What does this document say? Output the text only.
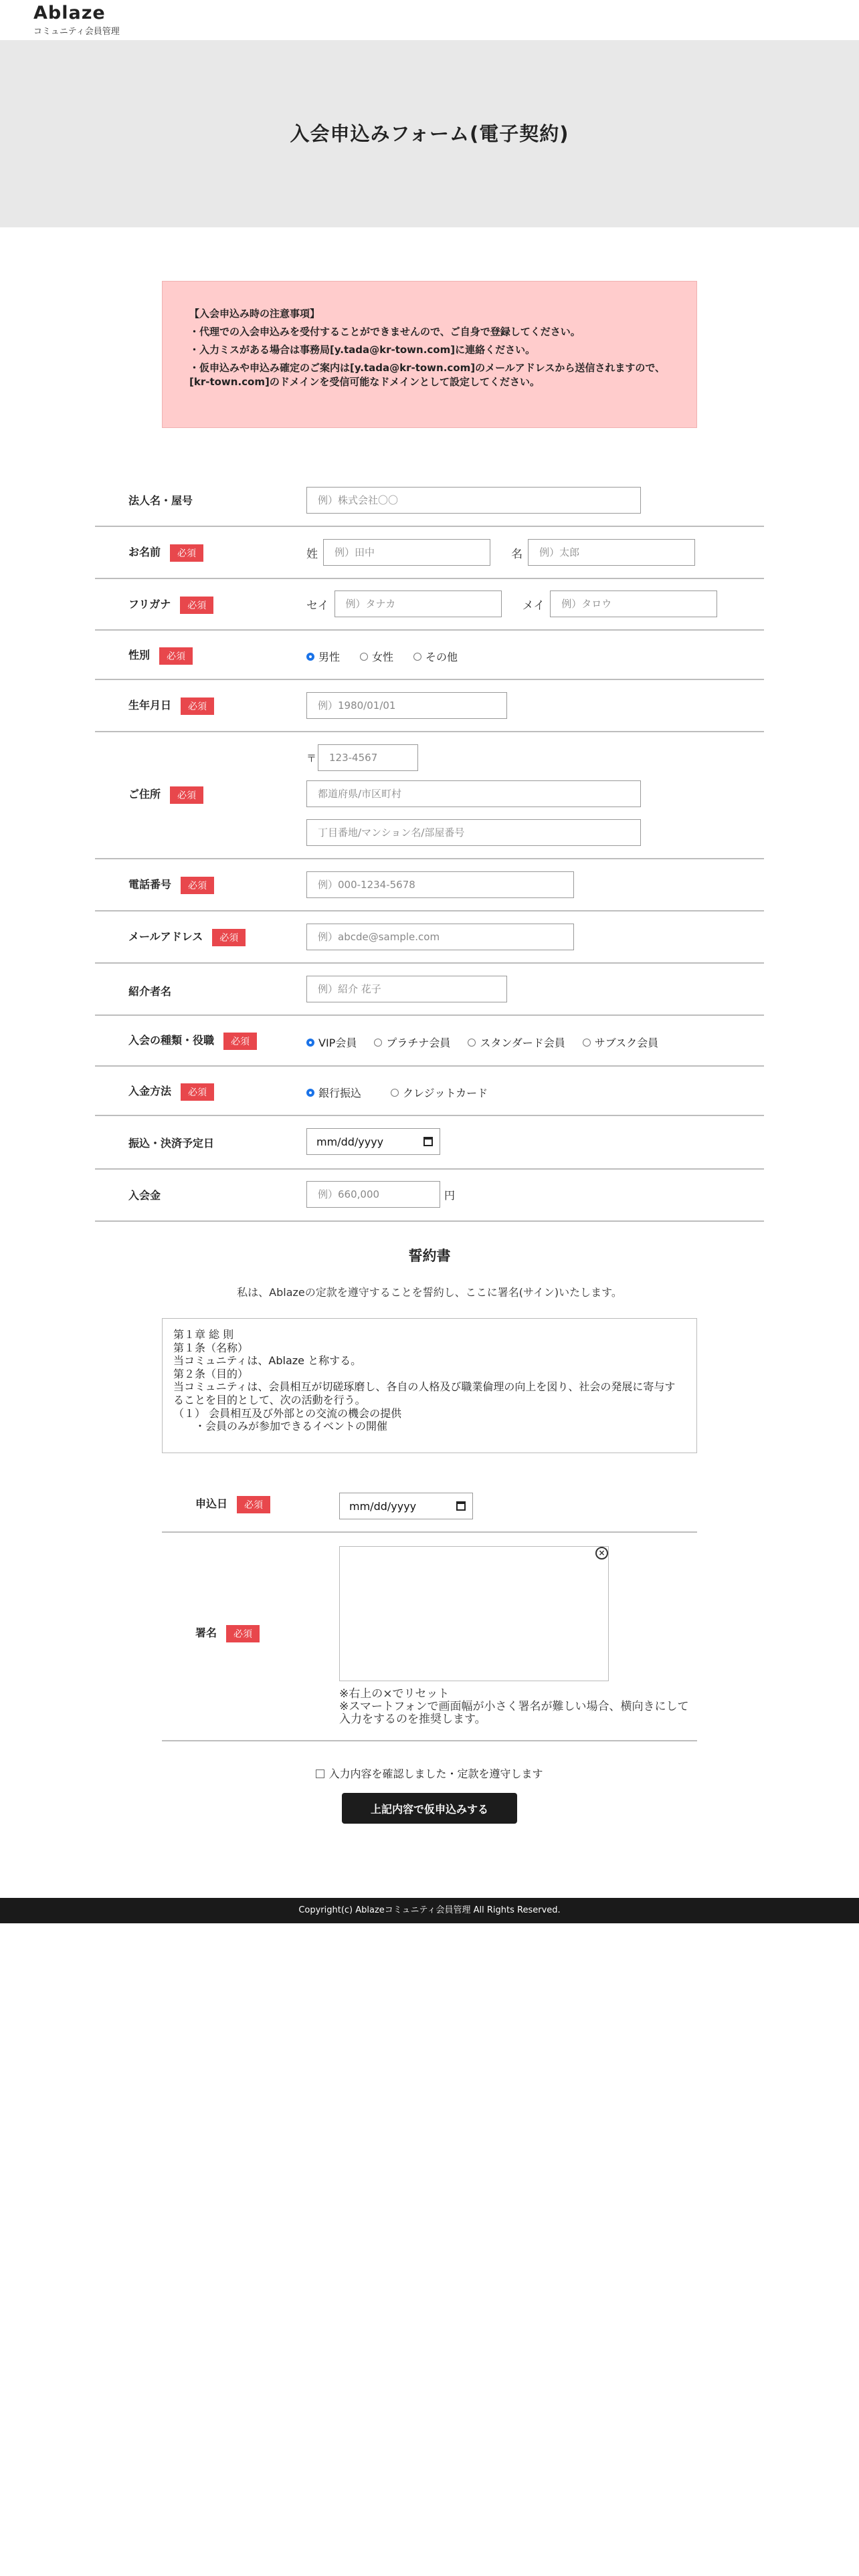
Ablaze
コミュニティ会員管理
入会申込みフォーム(電子契約)

【入会申込み時の注意事項】

・代理での入会申込みを受付することができませんので、ご自身で登録してください。

・入力ミスがある場合は事務局[y.tada@kr-town.com]に連絡ください。

・仮申込みや申込み確定のご案内は[y.tada@kr-town.com]のメールアドレスから送信されますので、[kr-town.com]のドメインを受信可能なドメインとして設定してください。

法人名・屋号	例）株式会社〇〇
お名前 必須	姓 例）田中	名 例）太郎
フリガナ 必須	セイ 例）タナカ	メイ 例）タロウ
性別 必須	男性	女性	その他
生年月日 必須	例）1980/01/01
ご住所 必須
〒 123-4567
都道府県/市区町村
丁目番地/マンション名/部屋番号
電話番号 必須	例）000-1234-5678
メールアドレス 必須	例）abcde@sample.com
紹介者名	例）紹介 花子
入会の種類・役職 必須	VIP会員	プラチナ会員	スタンダード会員	サブスク会員
入金方法 必須	銀行振込	クレジットカード
振込・決済予定日	mm/dd/yyyy
入会金	例）660,000	円
誓約書
私は、Ablazeの定款を遵守することを誓約し、ここに署名(サイン)いたします。
第１章 総 則
第１条（名称）
当コミュニティは、Ablaze と称する。
第２条（目的）
当コミュニティは、会員相互が切磋琢磨し、各自の人格及び職業倫理の向上を図り、社会の発展に寄与することを目的として、次の活動を行う。
（１） 会員相互及び外部との交流の機会の提供
　　・会員のみが参加できるイベントの開催
申込日 必須	mm/dd/yyyy
署名 必須
×
※右上の×でリセット
※スマートフォンで画面幅が小さく署名が難しい場合、横向きにして入力をするのを推奨します。
入力内容を確認しました・定款を遵守します
上記内容で仮申込みする
Copyright(c) Ablazeコミュニティ会員管理 All Rights Reserved.
